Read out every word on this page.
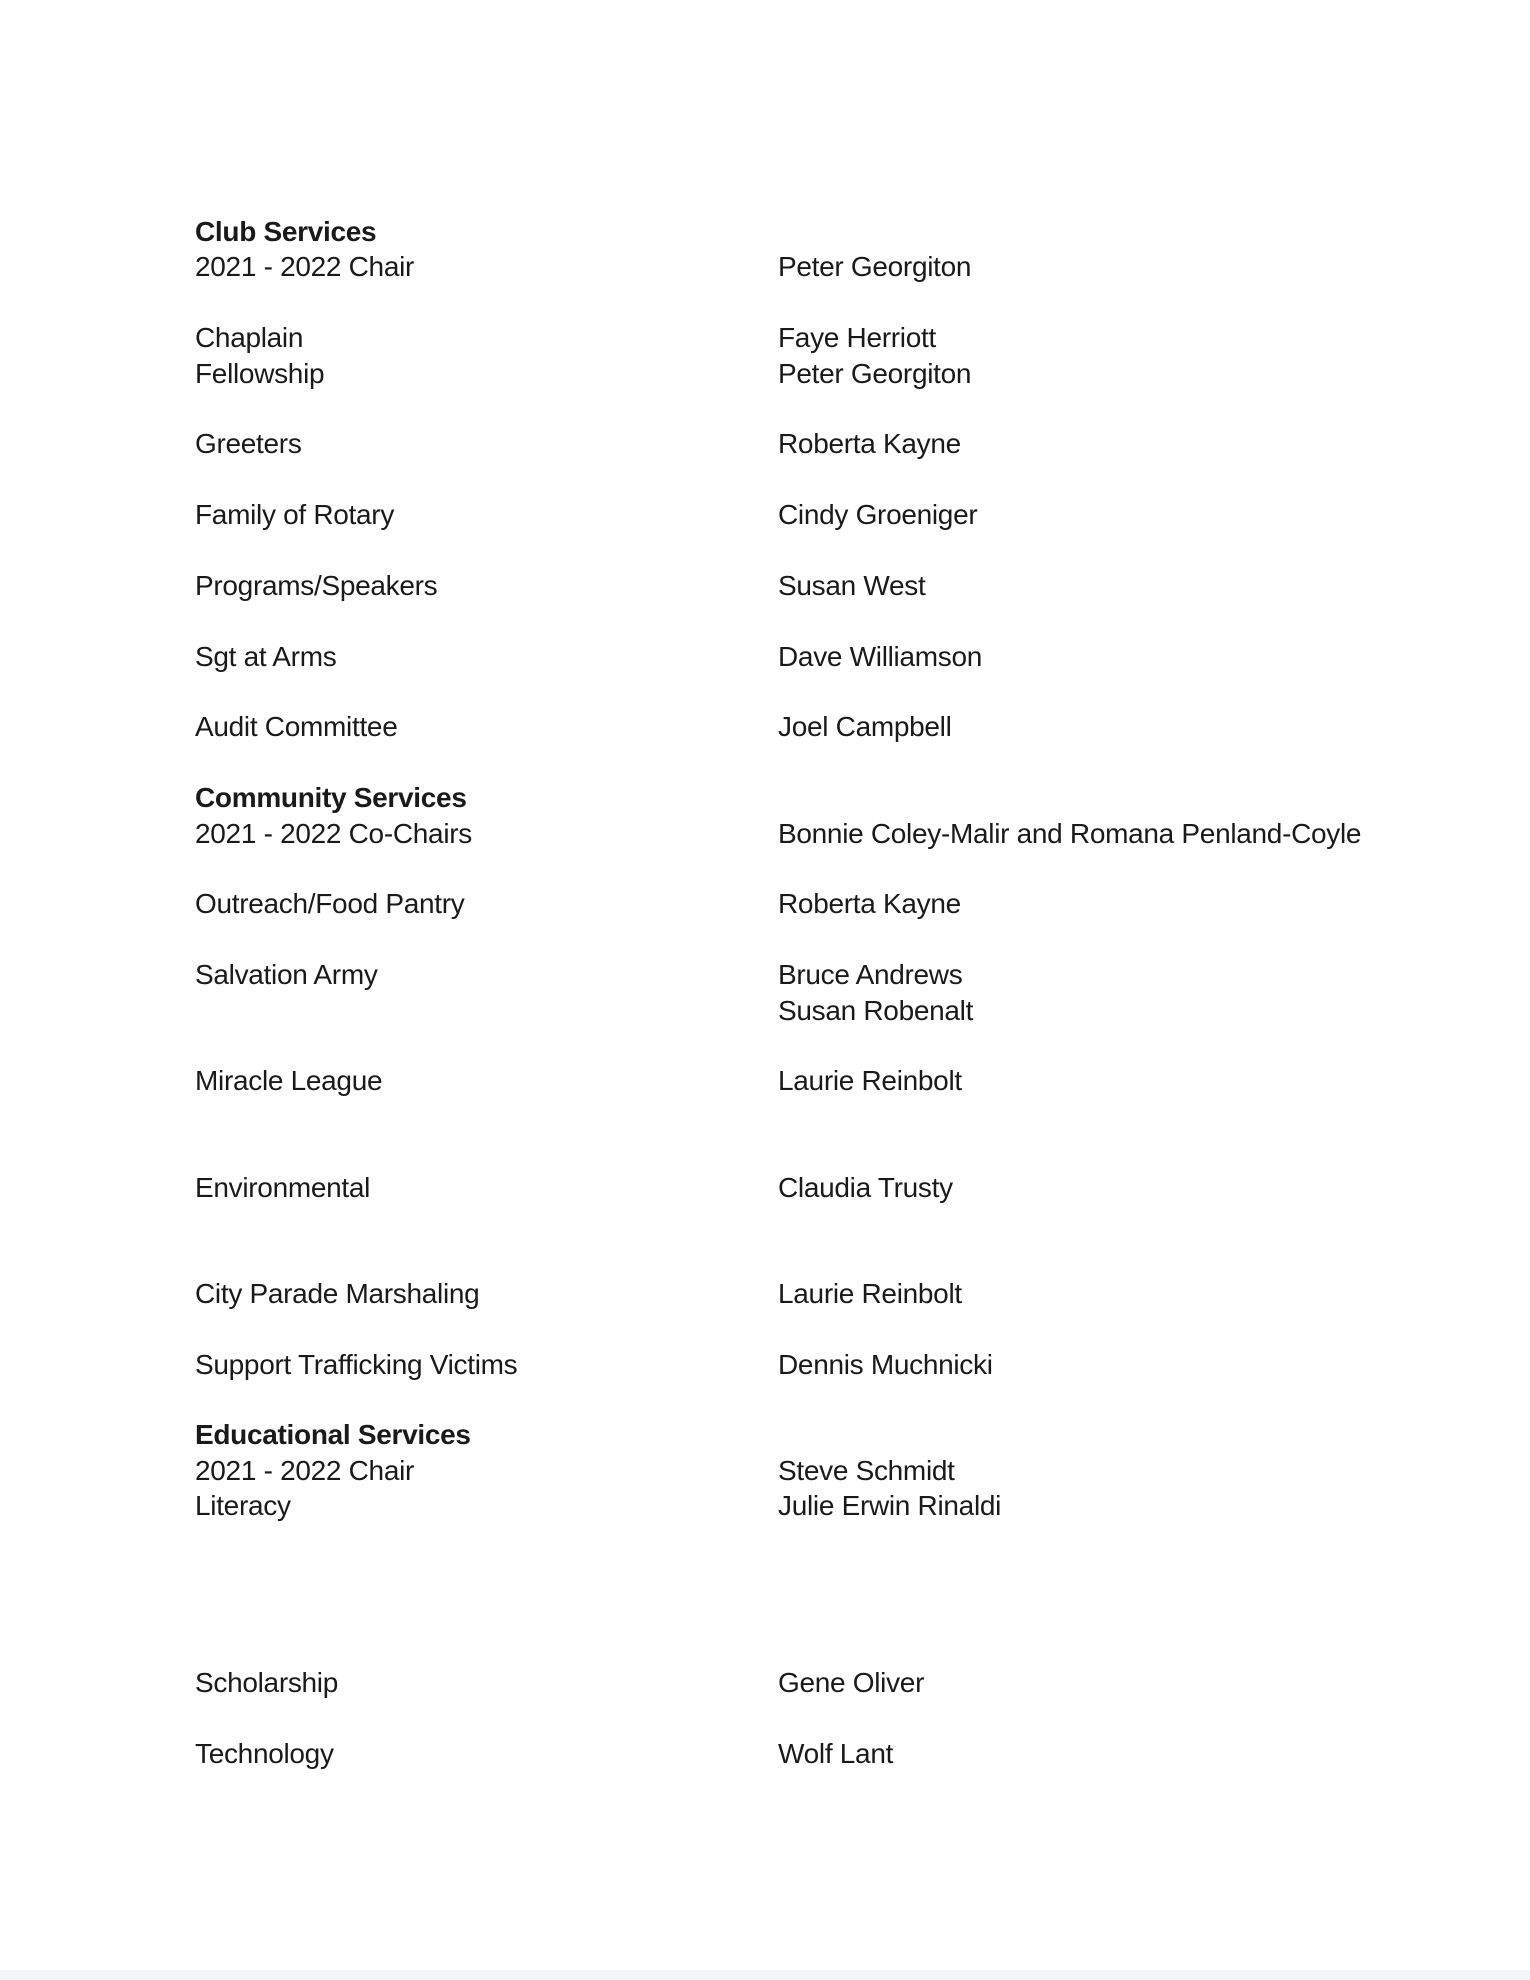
Club Services
2021 - 2022 Chair	Peter Georgiton
Chaplain	Faye Herriott
Fellowship	Peter Georgiton
Greeters	Roberta Kayne
Family of Rotary	Cindy Groeniger
Programs/Speakers	Susan West
Sgt at Arms	Dave Williamson
Audit Committee	Joel Campbell
Community Services
2021 - 2022 Co-Chairs	Bonnie Coley-Malir and Romana Penland-Coyle
Outreach/Food Pantry	Roberta Kayne
Salvation Army	Bruce Andrews
Susan Robenalt
Miracle League	Laurie Reinbolt
Environmental	Claudia Trusty
City Parade Marshaling	Laurie Reinbolt
Support Trafficking Victims	Dennis Muchnicki
Educational Services
2021 - 2022 Chair	Steve Schmidt
Literacy	Julie Erwin Rinaldi
Scholarship	Gene Oliver
Technology	Wolf Lant
